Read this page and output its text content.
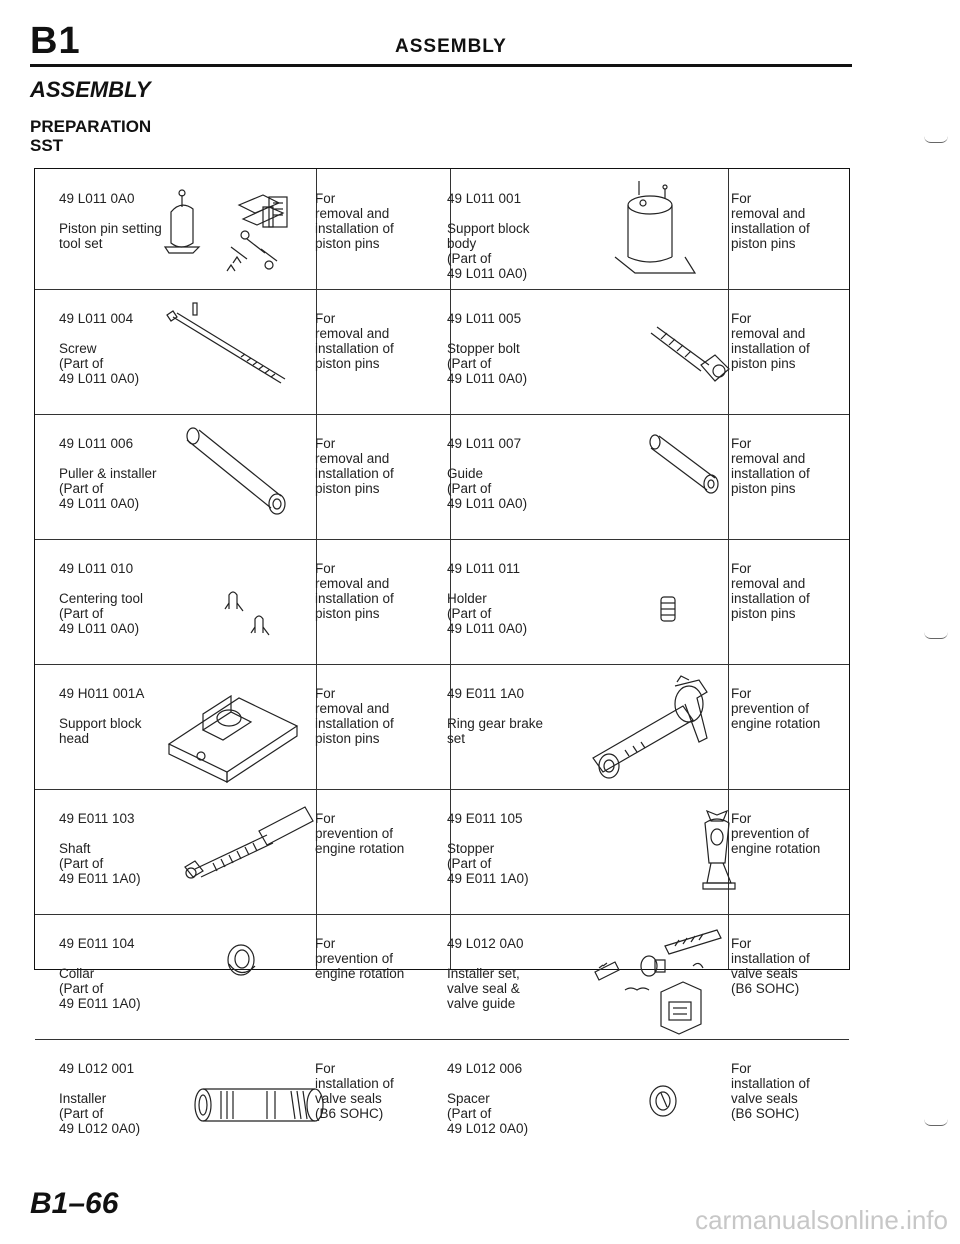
B1	ASSEMBLY
ASSEMBLY
PREPARATION
SST
49 L011 0A0
Piston pin setting
tool set
For
removal and
installation of
piston pins
49 L011 001
Support block
body
(Part of
49 L011 0A0)
For
removal and
installation of
piston pins
49 L011 004
Screw
(Part of
49 L011 0A0)
For
removal and
installation of
piston pins
49 L011 005
Stopper bolt
(Part of
49 L011 0A0)
For
removal and
installation of
piston pins
49 L011 006
Puller & installer
(Part of
49 L011 0A0)
For
removal and
installation of
piston pins
49 L011 007
Guide
(Part of
49 L011 0A0)
For
removal and
installation of
piston pins
49 L011 010
Centering tool
(Part of
49 L011 0A0)
For
removal and
installation of
piston pins
49 L011 011
Holder
(Part of
49 L011 0A0)
For
removal and
installation of
piston pins
49 H011 001A
Support block
head
For
removal and
installation of
piston pins
49 E011 1A0
Ring gear brake
set
For
prevention of
engine rotation
49 E011 103
Shaft
(Part of
49 E011 1A0)
For
prevention of
engine rotation
49 E011 105
Stopper
(Part of
49 E011 1A0)
For
prevention of
engine rotation
49 E011 104
Collar
(Part of
49 E011 1A0)
For
prevention of
engine rotation
49 L012 0A0
Installer set,
valve seal &
valve guide
For
installation of
valve seals
(B6 SOHC)
49 L012 001
Installer
(Part of
49 L012 0A0)
For
installation of
valve seals
(B6 SOHC)
49 L012 006
Spacer
(Part of
49 L012 0A0)
For
installation of
valve seals
(B6 SOHC)
B1–66	carmanualsonline.info
